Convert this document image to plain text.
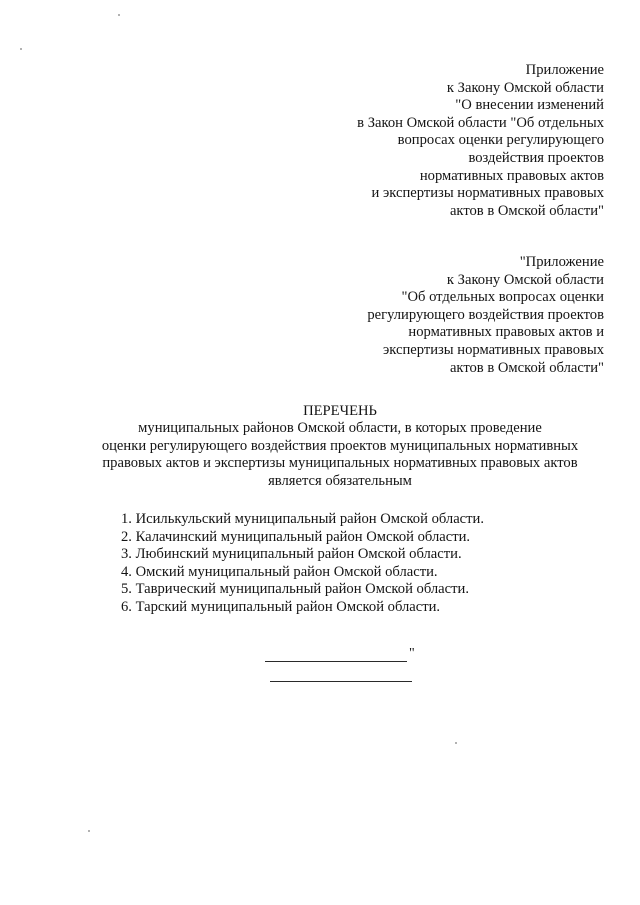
Приложение
к Закону Омской области
"О внесении изменений
в Закон Омской области "Об отдельных
вопросах оценки регулирующего
воздействия проектов
нормативных правовых актов
и экспертизы нормативных правовых
актов в Омской области"
"Приложение
к Закону Омской области
"Об отдельных вопросах оценки
регулирующего воздействия проектов
нормативных правовых актов и
экспертизы нормативных правовых
актов в Омской области"
ПЕРЕЧЕНЬ
муниципальных районов Омской области, в которых проведение
оценки регулирующего воздействия проектов муниципальных нормативных
правовых актов и экспертизы муниципальных нормативных правовых актов
является обязательным
1. Исилькульский муниципальный район Омской области.
2. Калачинский муниципальный район Омской области.
3. Любинский муниципальный район Омской области.
4. Омский муниципальный район Омской области.
5. Таврический муниципальный район Омской области.
6. Тарский муниципальный район Омской области.
"
